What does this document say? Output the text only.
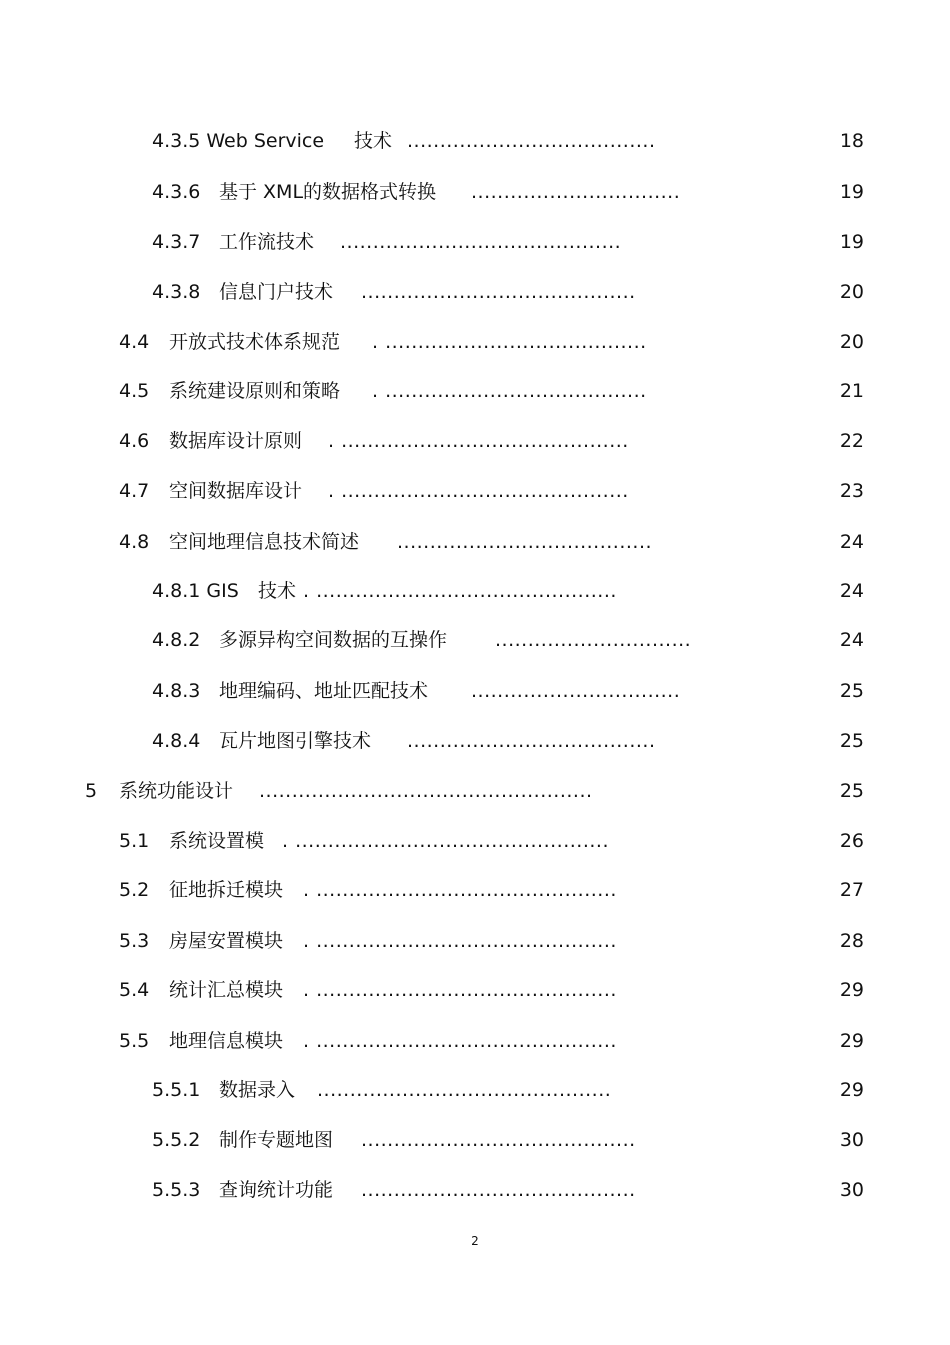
4.3.5 Web Service 技术 ......................................	18
4.3.6 基于 XML的数据格式转换 ................................	19
4.3.7 工作流技术 ...........................................	19
4.3.8 信息门户技术 ..........................................	20
4.4 开放式技术体系规范 . ........................................	20
4.5 系统建设原则和策略 . ........................................	21
4.6 数据库设计原则 . ............................................	22
4.7 空间数据库设计 . ............................................	23
4.8 空间地理信息技术简述 .......................................	24
4.8.1 GIS 技术 . ..............................................	24
4.8.2 多源异构空间数据的互操作	..............................	24
4.8.3 地理编码、地址匹配技术 ................................	25
4.8.4 瓦片地图引擎技术 ......................................	25
5 系统功能设计 ...................................................	25
5.1 系统设置模 . ................................................	26
5.2 征地拆迁模块 . ..............................................	27
5.3 房屋安置模块 . ..............................................	28
5.4 统计汇总模块 . ..............................................	29
5.5 地理信息模块 . ..............................................	29
5.5.1 数据录入 .............................................	29
5.5.2 制作专题地图 ..........................................	30
5.5.3 查询统计功能 ..........................................	30
2
